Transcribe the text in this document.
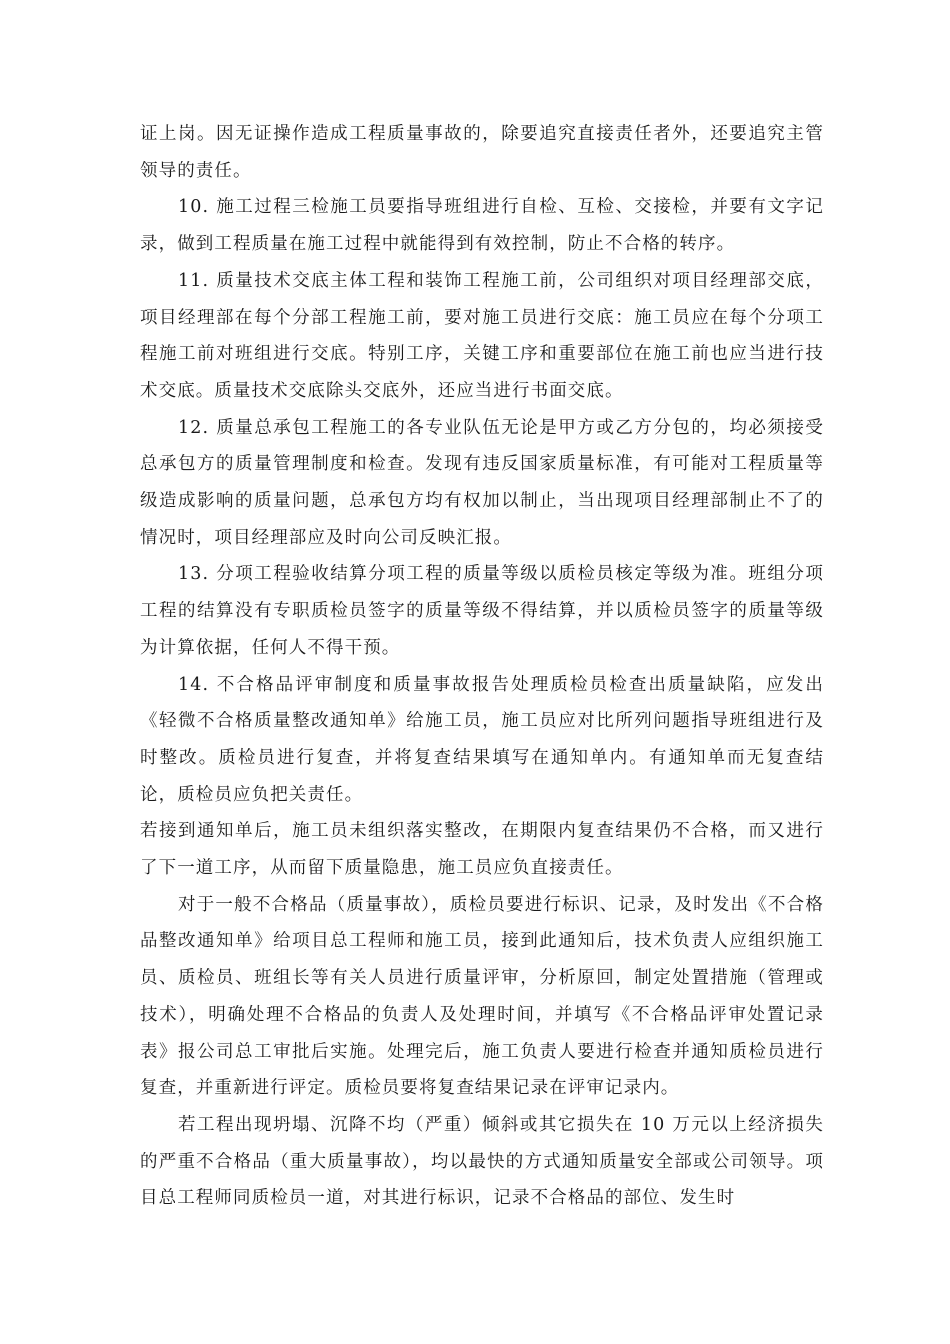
证上岗。因无证操作造成工程质量事故的，除要追究直接责任者外，还要追究主管领导的责任。

10. 施工过程三检施工员要指导班组进行自检、互检、交接检，并要有文字记录，做到工程质量在施工过程中就能得到有效控制，防止不合格的转序。

11. 质量技术交底主体工程和装饰工程施工前，公司组织对项目经理部交底，项目经理部在每个分部工程施工前，要对施工员进行交底：施工员应在每个分项工程施工前对班组进行交底。特别工序，关键工序和重要部位在施工前也应当进行技术交底。质量技术交底除头交底外，还应当进行书面交底。

12. 质量总承包工程施工的各专业队伍无论是甲方或乙方分包的，均必须接受总承包方的质量管理制度和检查。发现有违反国家质量标准，有可能对工程质量等级造成影响的质量问题，总承包方均有权加以制止，当出现项目经理部制止不了的情况时，项目经理部应及时向公司反映汇报。

13. 分项工程验收结算分项工程的质量等级以质检员核定等级为准。班组分项工程的结算没有专职质检员签字的质量等级不得结算，并以质检员签字的质量等级为计算依据，任何人不得干预。

14. 不合格品评审制度和质量事故报告处理质检员检查出质量缺陷，应发出《轻微不合格质量整改通知单》给施工员，施工员应对比所列问题指导班组进行及时整改。质检员进行复查，并将复查结果填写在通知单内。有通知单而无复查结论，质检员应负把关责任。

若接到通知单后，施工员未组织落实整改，在期限内复查结果仍不合格，而又进行了下一道工序，从而留下质量隐患，施工员应负直接责任。

对于一般不合格品（质量事故），质检员要进行标识、记录，及时发出《不合格品整改通知单》给项目总工程师和施工员，接到此通知后，技术负责人应组织施工员、质检员、班组长等有关人员进行质量评审，分析原回，制定处置措施（管理或技术），明确处理不合格品的负责人及处理时间，并填写《不合格品评审处置记录表》报公司总工审批后实施。处理完后，施工负责人要进行检查并通知质检员进行复查，并重新进行评定。质检员要将复查结果记录在评审记录内。

若工程出现坍塌、沉降不均（严重）倾斜或其它损失在 10 万元以上经济损失的严重不合格品（重大质量事故），均以最快的方式通知质量安全部或公司领导。项目总工程师同质检员一道，对其进行标识，记录不合格品的部位、发生时
